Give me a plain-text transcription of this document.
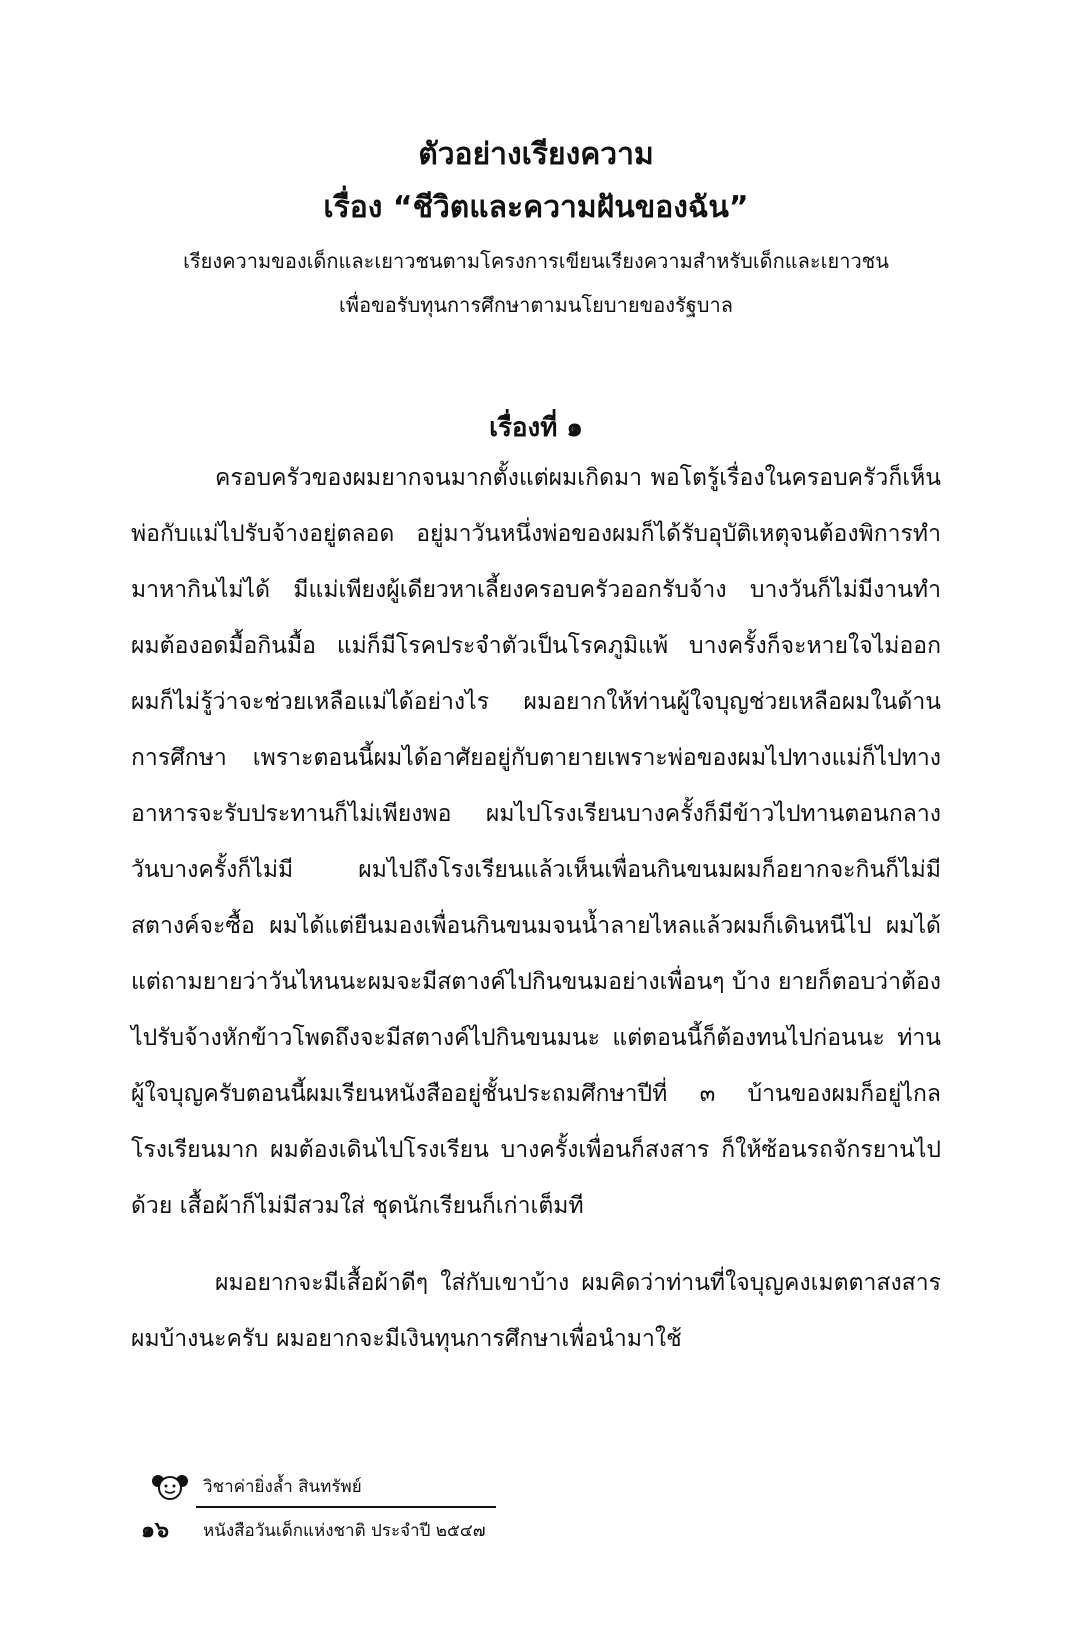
ตัวอย่างเรียงความ
เรื่อง “ชีวิตและความฝันของฉัน”
เรียงความของเด็กและเยาวชนตามโครงการเขียนเรียงความสำหรับเด็กและเยาวชน
เพื่อขอรับทุนการศึกษาตามนโยบายของรัฐบาล
เรื่องที่ ๑

ครอบครัวของผมยากจนมากตั้งแต่ผมเกิดมา พอโตรู้เรื่องในครอบครัวก็เห็นพ่อกับแม่ไปรับจ้างอยู่ตลอด อยู่มาวันหนึ่งพ่อของผมก็ได้รับอุบัติเหตุจนต้องพิการทำมาหากินไม่ได้ มีแม่เพียงผู้เดียวหาเลี้ยงครอบครัวออกรับจ้าง บางวันก็ไม่มีงานทำ ผมต้องอดมื้อกินมื้อ แม่ก็มีโรคประจำตัวเป็นโรคภูมิแพ้ บางครั้งก็จะหายใจไม่ออก ผมก็ไม่รู้ว่าจะช่วยเหลือแม่ได้อย่างไร ผมอยากให้ท่านผู้ใจบุญช่วยเหลือผมในด้านการศึกษา เพราะตอนนี้ผมได้อาศัยอยู่กับตายายเพราะพ่อของผมไปทางแม่ก็ไปทาง อาหารจะรับประทานก็ไม่เพียงพอ ผมไปโรงเรียนบางครั้งก็มีข้าวไปทานตอนกลางวันบางครั้งก็ไม่มี ผมไปถึงโรงเรียนแล้วเห็นเพื่อนกินขนมผมก็อยากจะกินก็ไม่มีสตางค์จะซื้อ ผมได้แต่ยืนมองเพื่อนกินขนมจนน้ำลายไหลแล้วผมก็เดินหนีไป ผมได้แต่ถามยายว่าวันไหนนะผมจะมีสตางค์ไปกินขนมอย่างเพื่อนๆ บ้าง ยายก็ตอบว่าต้องไปรับจ้างหักข้าวโพดถึงจะมีสตางค์ไปกินขนมนะ แต่ตอนนี้ก็ต้องทนไปก่อนนะ ท่านผู้ใจบุญครับตอนนี้ผมเรียนหนังสืออยู่ชั้นประถมศึกษาปีที่ ๓ บ้านของผมก็อยู่ไกลโรงเรียนมาก ผมต้องเดินไปโรงเรียน บางครั้งเพื่อนก็สงสาร ก็ให้ซ้อนรถจักรยานไปด้วย เสื้อผ้าก็ไม่มีสวมใส่ ชุดนักเรียนก็เก่าเต็มที

ผมอยากจะมีเสื้อผ้าดีๆ ใส่กับเขาบ้าง ผมคิดว่าท่านที่ใจบุญคงเมตตาสงสารผมบ้างนะครับ ผมอยากจะมีเงินทุนการศึกษาเพื่อนำมาใช้

วิชาค่ายิ่งล้ำ สินทรัพย์
๑๖ หนังสือวันเด็กแห่งชาติ ประจำปี ๒๕๔๗
